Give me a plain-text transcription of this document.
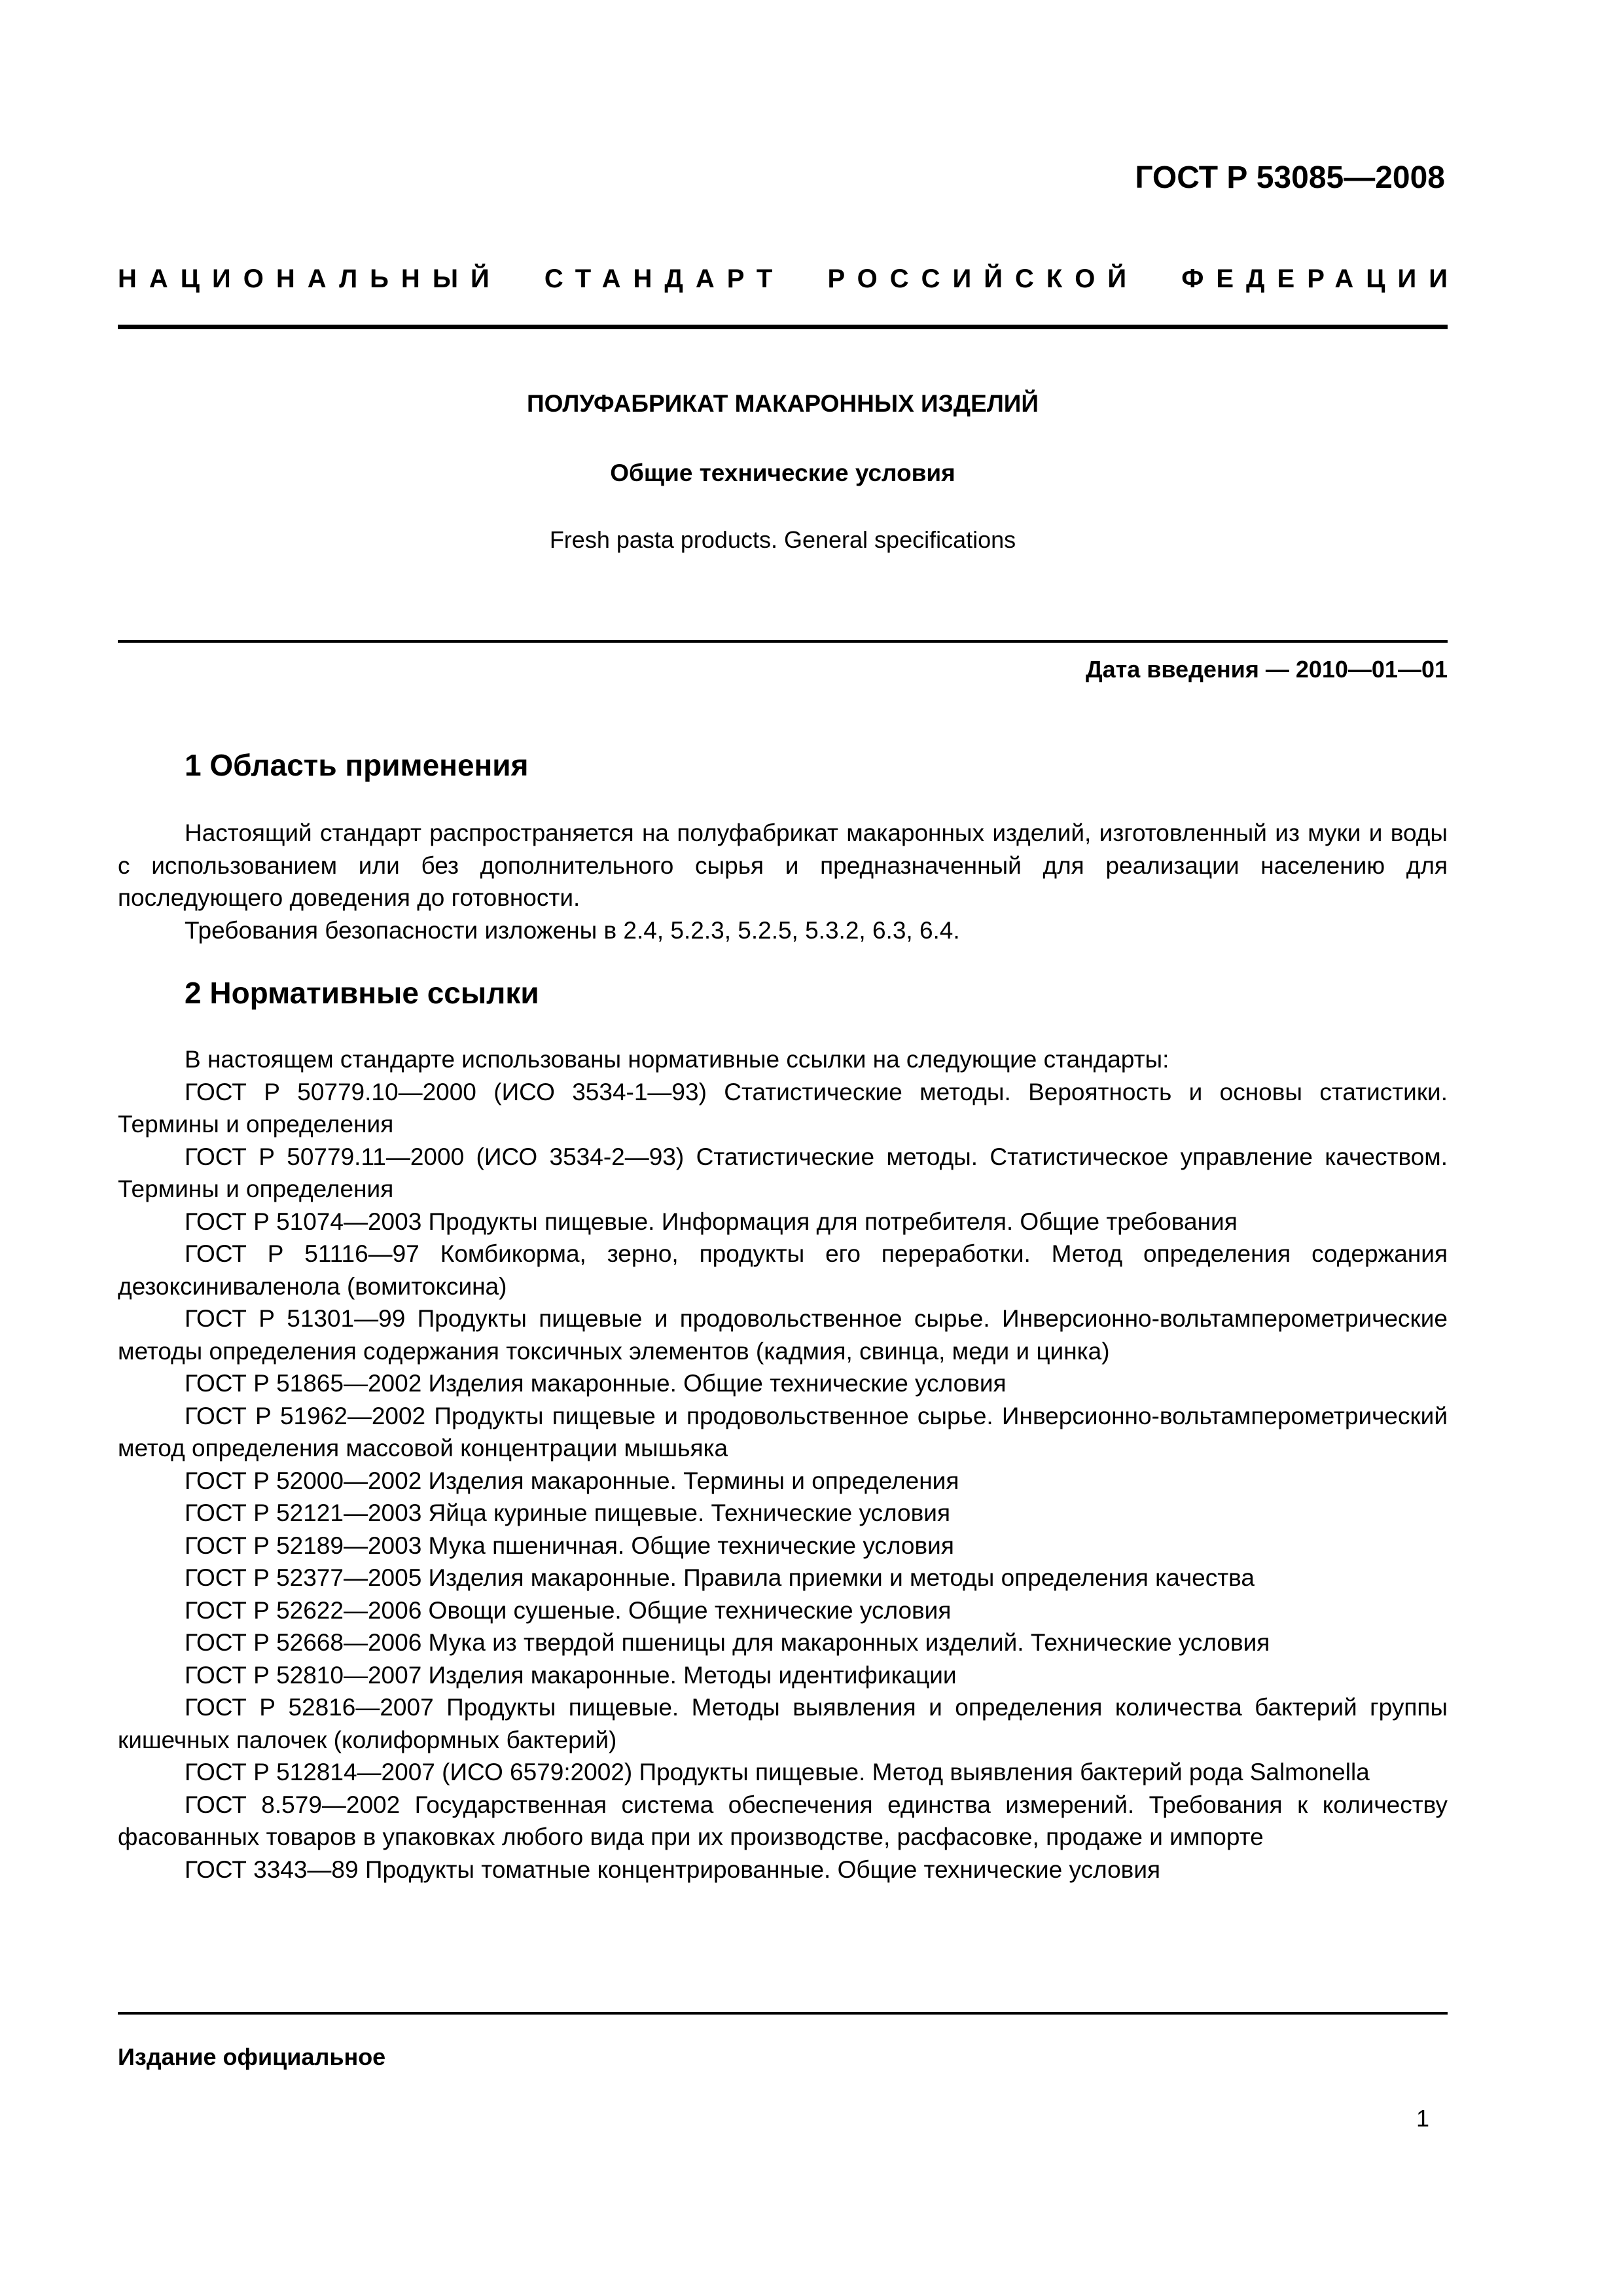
ГОСТ Р 53085—2008
НАЦИОНАЛЬНЫЙ СТАНДАРТ РОССИЙСКОЙ ФЕДЕРАЦИИ
ПОЛУФАБРИКАТ МАКАРОННЫХ ИЗДЕЛИЙ
Общие технические условия
Fresh pasta products. General specifications
Дата введения — 2010—01—01
1 Область применения

Настоящий стандарт распространяется на полуфабрикат макаронных изделий, изготовленный из муки и воды с использованием или без дополнительного сырья и предназначенный для реализации населению для последующего доведения до готовности.

Требования безопасности изложены в 2.4, 5.2.3, 5.2.5, 5.3.2, 6.3, 6.4.

2 Нормативные ссылки
В настоящем стандарте использованы нормативные ссылки на следующие стандарты:
ГОСТ Р 50779.10—2000 (ИСО 3534-1—93) Статистические методы. Вероятность и основы статистики. Термины и определения
ГОСТ Р 50779.11—2000 (ИСО 3534-2—93) Статистические методы. Статистическое управление качеством. Термины и определения
ГОСТ Р 51074—2003 Продукты пищевые. Информация для потребителя. Общие требования
ГОСТ Р 51116—97 Комбикорма, зерно, продукты его переработки. Метод определения содержания дезоксиниваленола (вомитоксина)
ГОСТ Р 51301—99 Продукты пищевые и продовольственное сырье. Инверсионно-вольтамперометрические методы определения содержания токсичных элементов (кадмия, свинца, меди и цинка)
ГОСТ Р 51865—2002 Изделия макаронные. Общие технические условия
ГОСТ Р 51962—2002 Продукты пищевые и продовольственное сырье. Инверсионно-вольтамперометрический метод определения массовой концентрации мышьяка
ГОСТ Р 52000—2002 Изделия макаронные. Термины и определения
ГОСТ Р 52121—2003 Яйца куриные пищевые. Технические условия
ГОСТ Р 52189—2003 Мука пшеничная. Общие технические условия
ГОСТ Р 52377—2005 Изделия макаронные. Правила приемки и методы определения качества
ГОСТ Р 52622—2006 Овощи сушеные. Общие технические условия
ГОСТ Р 52668—2006 Мука из твердой пшеницы для макаронных изделий. Технические условия
ГОСТ Р 52810—2007 Изделия макаронные. Методы идентификации
ГОСТ Р 52816—2007 Продукты пищевые. Методы выявления и определения количества бактерий группы кишечных палочек (колиформных бактерий)
ГОСТ Р 512814—2007 (ИСО 6579:2002) Продукты пищевые. Метод выявления бактерий рода Salmonella
ГОСТ 8.579—2002 Государственная система обеспечения единства измерений. Требования к количеству фасованных товаров в упаковках любого вида при их производстве, расфасовке, продаже и импорте
ГОСТ 3343—89 Продукты томатные концентрированные. Общие технические условия
Издание официальное
1
